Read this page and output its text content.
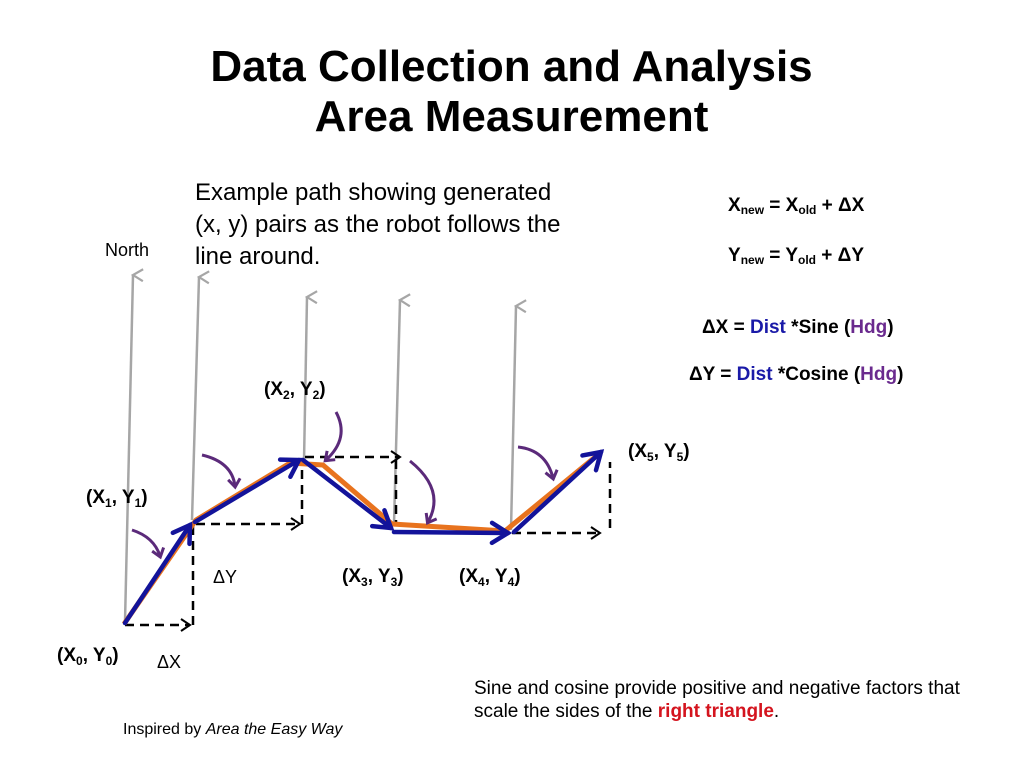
Data Collection and Analysis
Area Measurement
Example path showing generated (x, y) pairs as the robot follows the line around.
$X_{new} = X_{old} + \Delta X$
$Y_{new} = Y_{old} + \Delta Y$
ΔX = Dist *Sine (Hdg)
ΔY = Dist *Cosine (Hdg)
North
($X_0$, $Y_0$)
($X_1$, $Y_1$)
($X_2$, $Y_2$)
($X_3$, $Y_3$)	($X_4$, $Y_4$)
($X_5$, $Y_5$)
ΔX
ΔY
Sine and cosine provide positive and negative factors that scale the sides of the right triangle.
Inspired by Area the Easy Way
